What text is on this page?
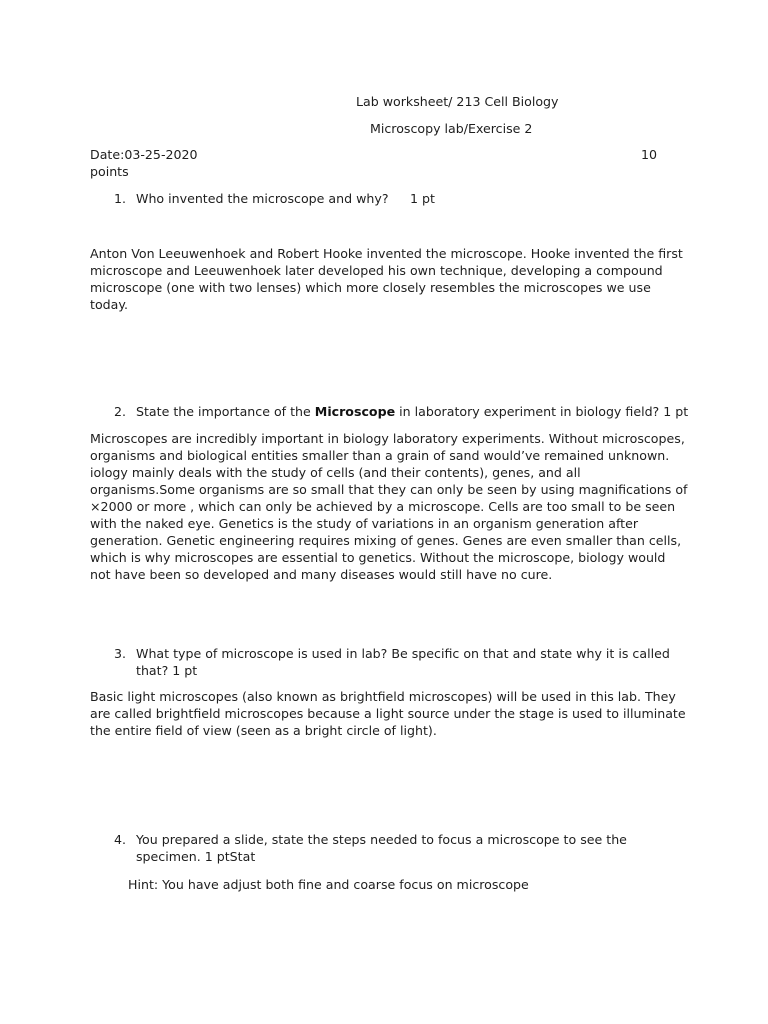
Lab worksheet/ 213 Cell Biology
Microscopy lab/Exercise 2
Date:03-25-2020	10
points
1. Who invented the microscope and why? 1 pt
Anton Von Leeuwenhoek and Robert Hooke invented the microscope. Hooke invented the first
microscope and Leeuwenhoek later developed his own technique, developing a compound
microscope (one with two lenses) which more closely resembles the microscopes we use
today.
2. State the importance of the Microscope in laboratory experiment in biology field? 1 pt
Microscopes are incredibly important in biology laboratory experiments. Without microscopes,
organisms and biological entities smaller than a grain of sand would’ve remained unknown.
iology mainly deals with the study of cells (and their contents), genes, and all
organisms.Some organisms are so small that they can only be seen by using magnifications of
×2000 or more , which can only be achieved by a microscope. Cells are too small to be seen
with the naked eye. Genetics is the study of variations in an organism generation after
generation. Genetic engineering requires mixing of genes. Genes are even smaller than cells,
which is why microscopes are essential to genetics. Without the microscope, biology would
not have been so developed and many diseases would still have no cure.
3. What type of microscope is used in lab? Be specific on that and state why it is called
that? 1 pt
Basic light microscopes (also known as brightfield microscopes) will be used in this lab. They
are called brightfield microscopes because a light source under the stage is used to illuminate
the entire field of view (seen as a bright circle of light).
4. You prepared a slide, state the steps needed to focus a microscope to see the
specimen. 1 ptStat
Hint: You have adjust both fine and coarse focus on microscope
